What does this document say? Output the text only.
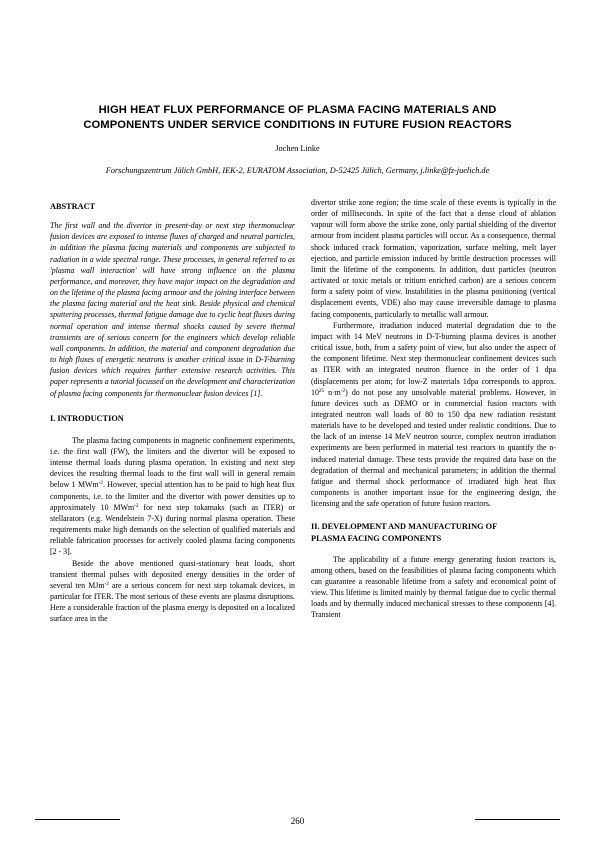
HIGH HEAT FLUX PERFORMANCE OF PLASMA FACING MATERIALS AND
COMPONENTS UNDER SERVICE CONDITIONS IN FUTURE FUSION REACTORS
Jochen Linke
Forschungszentrum Jülich GmbH, IEK-2, EURATOM Association, D-52425 Jülich, Germany, j.linke@fz-juelich.de
ABSTRACT

The first wall and the divertor in present-day or next step thermonuclear fusion devices are exposed to intense fluxes of charged and neutral particles, in addition the plasma facing materials and components are subjected to radiation in a wide spectral range. These processes, in general referred to as 'plasma wall interaction' will have strong influence on the plasma performance, and moreover, they have major impact on the degradation and on the lifetime of the plasma facing armour and the joining interface between the plasma facing material and the heat sink. Beside physical and chemical sputtering processes, thermal fatigue damage due to cyclic heat fluxes during normal operation and intense thermal shocks caused by severe thermal transients are of serious concern for the engineers which develop reliable wall components. In addition, the material and component degradation due to high fluxes of energetic neutrons is another critical issue in D-T-burning fusion devices which requires further extensive research activities. This paper represents a tutorial focussed on the development and characterization of plasma facing components for thermonuclear fusion devices [1].

I. INTRODUCTION

The plasma facing components in magnetic confinement experiments, i.e. the first wall (FW), the limiters and the divertor will be exposed to intense thermal loads during plasma operation. In existing and next step devices the resulting thermal loads to the first wall will in general remain below 1 MWm$^{-2}$. However, special attention has to be paid to high heat flux components, i.e. to the limiter and the divertor with power densities up to approximately 10 MWm$^{-2}$ for next step tokamaks (such as ITER) or stellarators (e.g. Wendelstein 7-X) during normal plasma operation. These requirements make high demands on the selection of qualified materials and reliable fabrication processes for actively cooled plasma facing components [2 - 3].

Beside the above mentioned quasi-stationary heat loads, short transient thermal pulses with deposited energy densities in the order of several ten MJm$^{-2}$ are a serious concern for next step tokamak devices, in particular for ITER. The most serious of these events are plasma disruptions. Here a considerable fraction of the plasma energy is deposited on a localized surface area in the

divertor strike zone region; the time scale of these events is typically in the order of milliseconds. In spite of the fact that a dense cloud of ablation vapour will form above the strike zone, only partial shielding of the divertor armour from incident plasma particles will occur. As a consequence, thermal shock induced crack formation, vaporization, surface melting, melt layer ejection, and particle emission induced by brittle destruction processes will limit the lifetime of the components. In addition, dust particles (neutron activated or toxic metals or tritium enriched carbon) are a serious concern form a safety point of view. Instabilities in the plasma positioning (vertical displacement events, VDE) also may cause irreversible damage to plasma facing components, particularly to metallic wall armour.

Furthermore, irradiation induced material degradation due to the impact with 14 MeV neutrons in D-T-burning plasma devices is another critical issue, both, from a safety point of view, but also under the aspect of the component lifetime. Next step thermonuclear confinement devices such as ITER with an integrated neutron fluence in the order of 1 dpa (displacements per atom; for low-Z materials 1dpa corresponds to approx. $10^{25}$ $n\cdot m^{-2}$) do not pose any unsolvable material problems. However, in future devices such as DEMO or in commercial fusion reactors with integrated neutron wall loads of 80 to 150 dpa new radiation resistant materials have to be developed and tested under realistic conditions. Due to the lack of an intense 14 MeV neutron source, complex neutron irradiation experiments are been performed in material test reactors to quantify the n-induced material damage. These tests provide the required data base on the degradation of thermal and mechanical parameters; in addition the thermal fatigue and thermal shock performance of irradiated high heat flux components is another important issue for the engineering design, the licensing and the safe operation of future fusion reactors.

II. DEVELOPMENT AND MANUFACTURING OF
PLASMA FACING COMPONENTS

The applicability of a future energy generating fusion reactors is, among others, based on the feasibilities of plasma facing components which can guarantee a reasonable lifetime from a safety and economical point of view. This lifetime is limited mainly by thermal fatigue due to cyclic thermal loads and by thermally induced mechanical stresses to these components [4]. Transient

260
